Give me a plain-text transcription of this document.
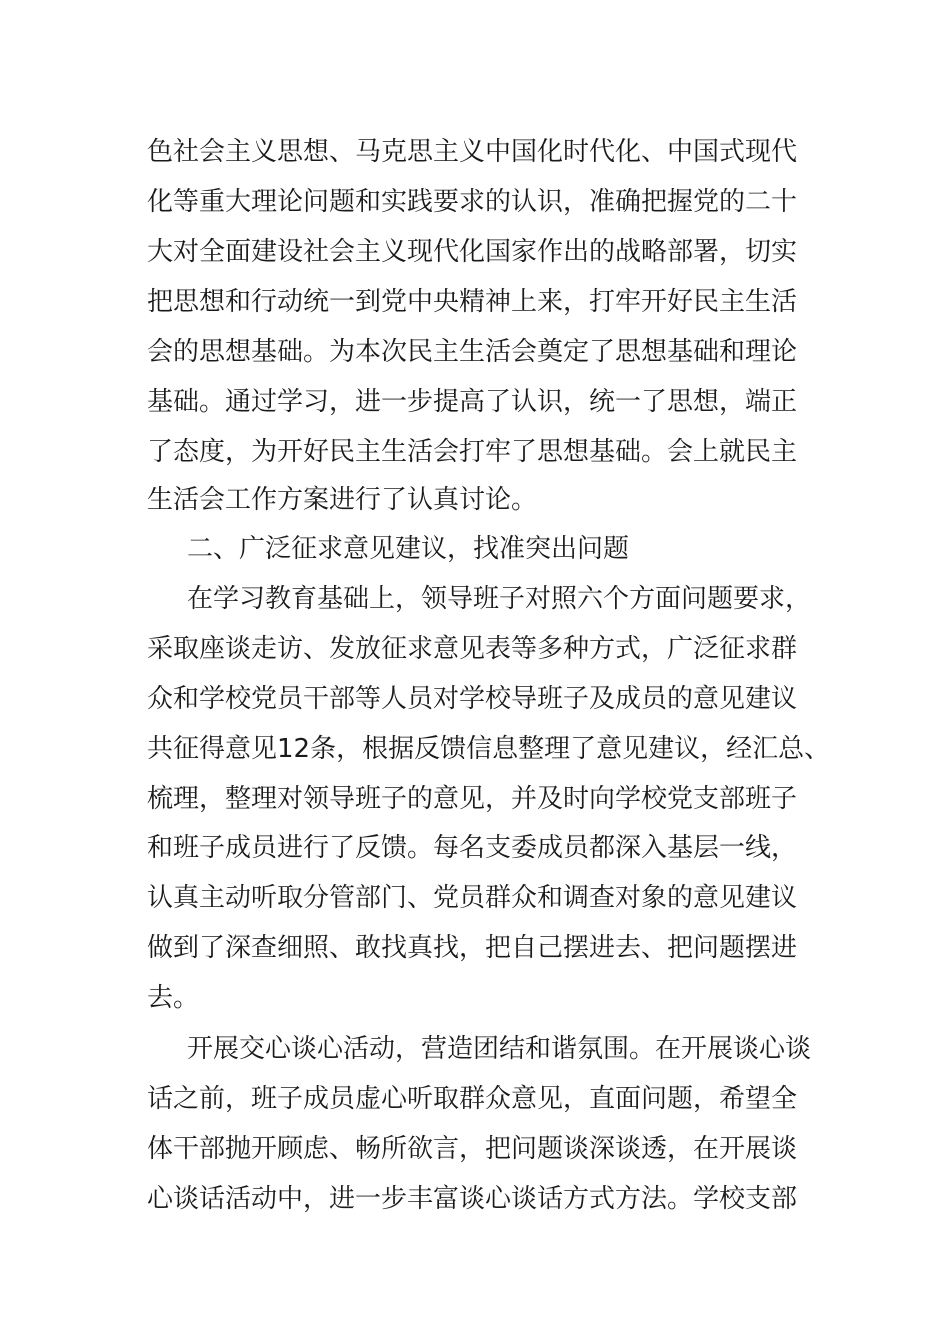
色社会主义思想、马克思主义中国化时代化、中国式现代

化等重大理论问题和实践要求的认识，准确把握党的二十

大对全面建设社会主义现代化国家作出的战略部署，切实

把思想和行动统一到党中央精神上来，打牢开好民主生活

会的思想基础。为本次民主生活会奠定了思想基础和理论

基础。通过学习，进一步提高了认识，统一了思想，端正

了态度，为开好民主生活会打牢了思想基础。会上就民主

生活会工作方案进行了认真讨论。

二、广泛征求意见建议，找准突出问题

在学习教育基础上，领导班子对照六个方面问题要求，

采取座谈走访、发放征求意见表等多种方式，广泛征求群

众和学校党员干部等人员对学校导班子及成员的意见建议

共征得意见12条，根据反馈信息整理了意见建议，经汇总、

梳理，整理对领导班子的意见，并及时向学校党支部班子

和班子成员进行了反馈。每名支委成员都深入基层一线，

认真主动听取分管部门、党员群众和调查对象的意见建议

做到了深查细照、敢找真找，把自己摆进去、把问题摆进

去。

开展交心谈心活动，营造团结和谐氛围。在开展谈心谈

话之前，班子成员虚心听取群众意见，直面问题，希望全

体干部抛开顾虑、畅所欲言，把问题谈深谈透，在开展谈

心谈话活动中，进一步丰富谈心谈话方式方法。学校支部
